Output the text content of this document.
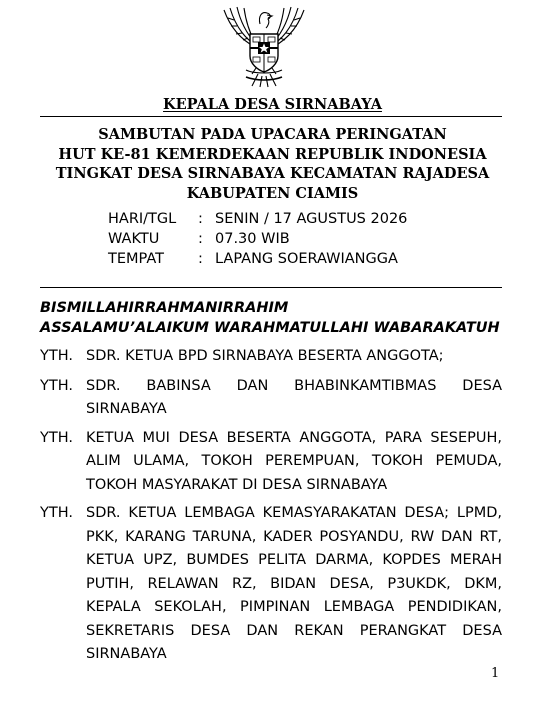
KEPALA DESA SIRNABAYA
SAMBUTAN PADA UPACARA PERINGATAN
HUT KE-81 KEMERDEKAAN REPUBLIK INDONESIA
TINGKAT DESA SIRNABAYA KECAMATAN RAJADESA
KABUPATEN CIAMIS
HARI/TGL	: SENIN / 17 AGUSTUS 2026
WAKTU	: 07.30 WIB
TEMPAT	: LAPANG SOERAWIANGGA
BISMILLAHIRRAHMANIRRAHIM
ASSALAMU’ALAIKUM WARAHMATULLAHI WABARAKATUH
YTH. SDR. KETUA BPD SIRNABAYA BESERTA ANGGOTA;
YTH. SDR. BABINSA DAN BHABINKAMTIBMAS DESA SIRNABAYA
YTH. KETUA MUI DESA BESERTA ANGGOTA, PARA SESEPUH, ALIM ULAMA, TOKOH PEREMPUAN, TOKOH PEMUDA, TOKOH MASYARAKAT DI DESA SIRNABAYA
YTH. SDR. KETUA LEMBAGA KEMASYARAKATAN DESA; LPMD, PKK, KARANG TARUNA, KADER POSYANDU, RW DAN RT, KETUA UPZ, BUMDES PELITA DARMA, KOPDES MERAH PUTIH, RELAWAN RZ, BIDAN DESA, P3UKDK, DKM, KEPALA SEKOLAH, PIMPINAN LEMBAGA PENDIDIKAN, SEKRETARIS DESA DAN REKAN PERANGKAT DESA SIRNABAYA
1
